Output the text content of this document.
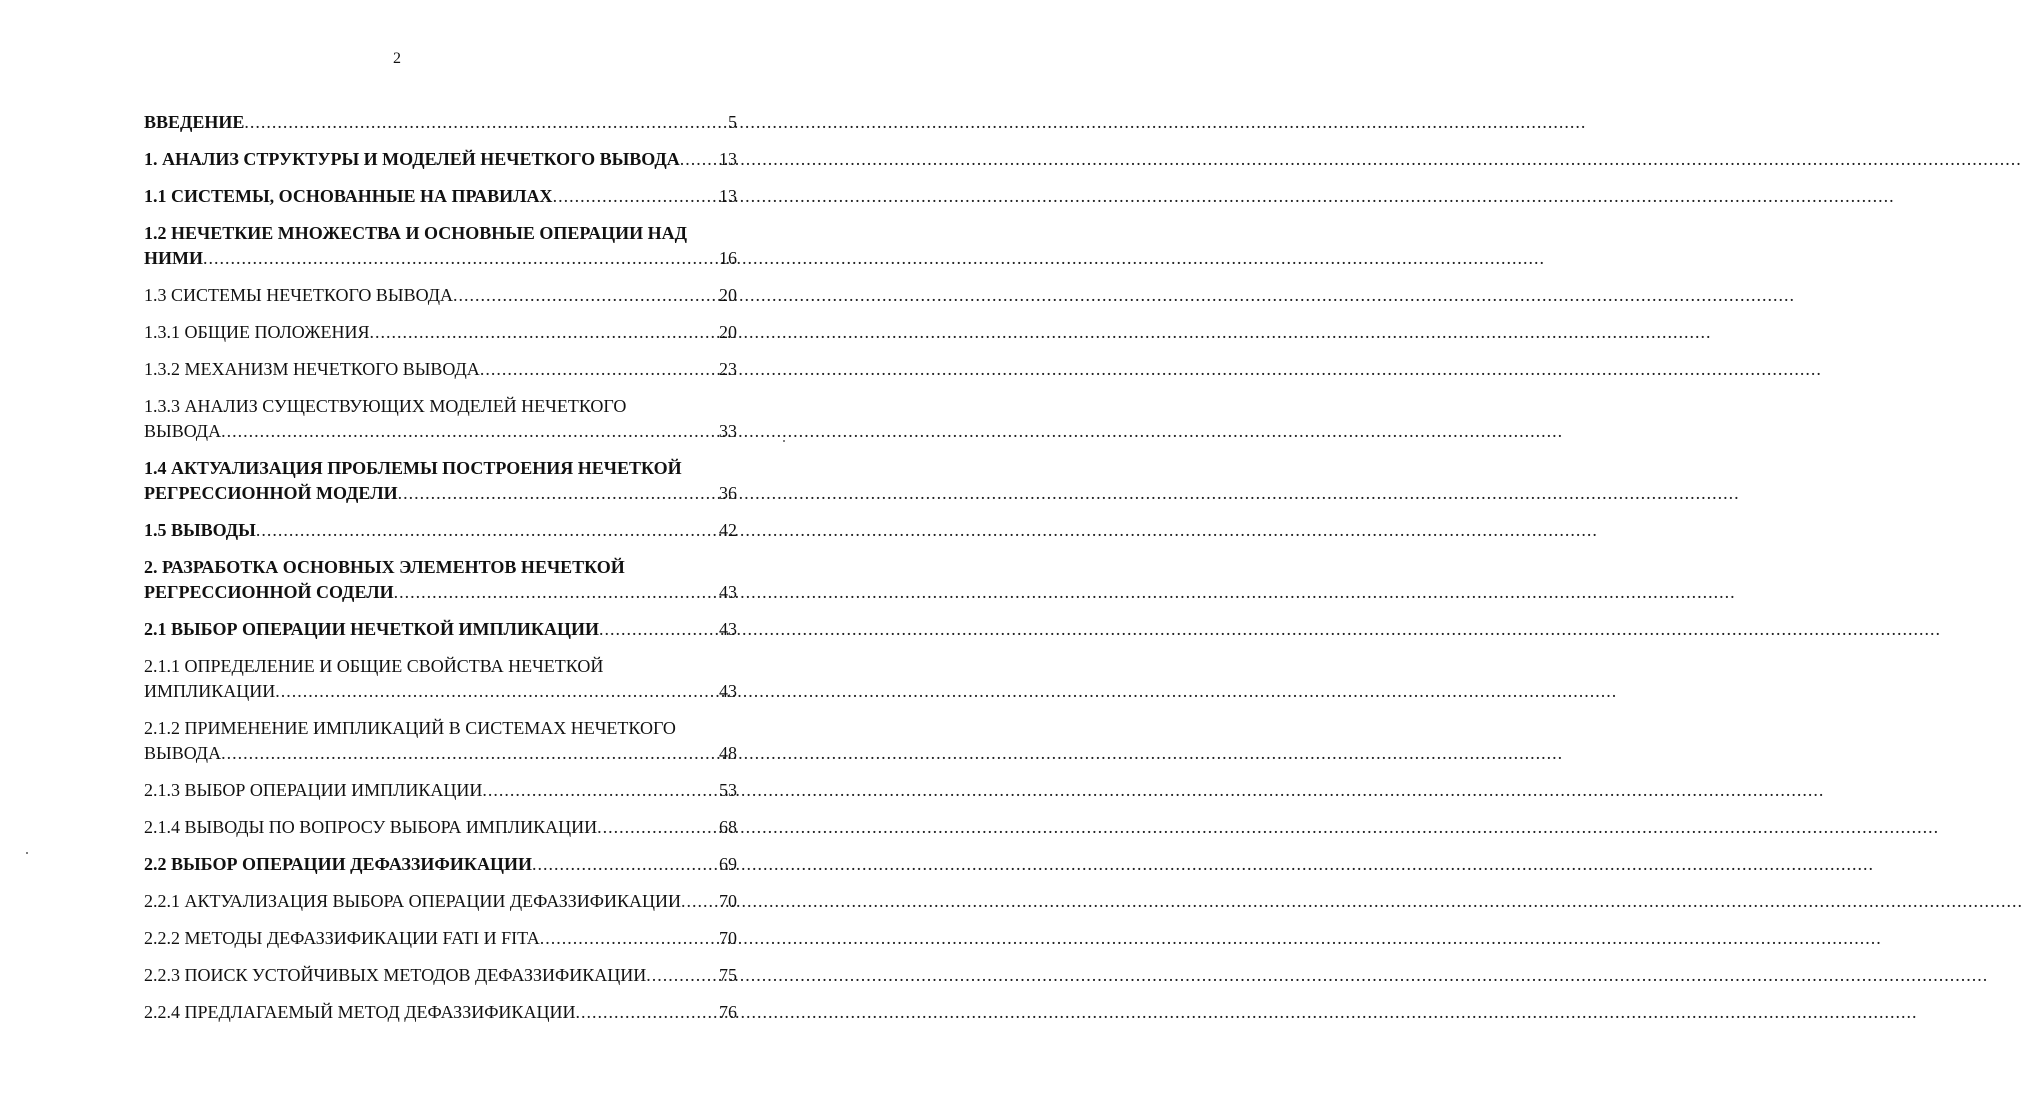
2
ВВЕДЕНИЕ .....	5
1. АНАЛИЗ СТРУКТУРЫ И МОДЕЛЕЙ НЕЧЕТКОГО ВЫВОДА ..... 13
1.1 СИСТЕМЫ, ОСНОВАННЫЕ НА ПРАВИЛАХ .....	13
1.2 НЕЧЕТКИЕ МНОЖЕСТВА И ОСНОВНЫЕ ОПЕРАЦИИ НАД
НИМИ .....	16
1.3 СИСТЕМЫ НЕЧЕТКОГО ВЫВОДА .....	20
1.3.1 ОБЩИЕ ПОЛОЖЕНИЯ .....	20
1.3.2 МЕХАНИЗМ НЕЧЕТКОГО ВЫВОДА .....	23
1.3.3 АНАЛИЗ СУЩЕСТВУЮЩИХ МОДЕЛЕЙ НЕЧЕТКОГО
ВЫВОДА .....	33
1.4 АКТУАЛИЗАЦИЯ ПРОБЛЕМЫ ПОСТРОЕНИЯ НЕЧЕТКОЙ
РЕГРЕССИОННОЙ МОДЕЛИ .....	36
1.5 ВЫВОДЫ .....	42
2. РАЗРАБОТКА ОСНОВНЫХ ЭЛЕМЕНТОВ НЕЧЕТКОЙ
РЕГРЕССИОННОЙ СОДЕЛИ .....	43
2.1 ВЫБОР ОПЕРАЦИИ НЕЧЕТКОЙ ИМПЛИКАЦИИ .....	43
2.1.1 ОПРЕДЕЛЕНИЕ И ОБЩИЕ СВОЙСТВА НЕЧЕТКОЙ
ИМПЛИКАЦИИ .....	43
2.1.2 ПРИМЕНЕНИЕ ИМПЛИКАЦИЙ В СИСТЕМАХ НЕЧЕТКОГО
ВЫВОДА .....	48
2.1.3 ВЫБОР ОПЕРАЦИИ ИМПЛИКАЦИИ .....	53
2.1.4 ВЫВОДЫ ПО ВОПРОСУ ВЫБОРА ИМПЛИКАЦИИ .....	68
2.2 ВЫБОР ОПЕРАЦИИ ДЕФАЗЗИФИКАЦИИ .....	69
2.2.1 АКТУАЛИЗАЦИЯ ВЫБОРА ОПЕРАЦИИ ДЕФАЗЗИФИКАЦИИ ..... 70
2.2.2 МЕТОДЫ ДЕФАЗЗИФИКАЦИИ FATI И FITA .....	70
2.2.3 ПОИСК УСТОЙЧИВЫХ МЕТОДОВ ДЕФАЗЗИФИКАЦИИ .....	75
2.2.4 ПРЕДЛАГАЕМЫЙ МЕТОД ДЕФАЗЗИФИКАЦИИ .....	76
